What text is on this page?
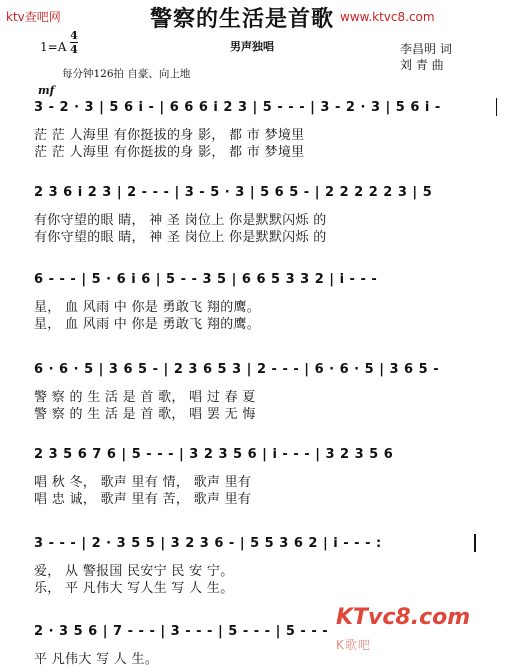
ktv查吧网	www.ktvc8.com
警察的生活是首歌
男声独唱
1=A
4
4
每分钟126拍 自豪、向上地
李昌明 词
刘 青 曲
mf
3 - 2 · 3 | 5 6 i - | 6 6 6 i 2 3 | 5 - - - | 3 - 2 · 3 | 5 6 i -
茫 茫 人海里 有你挺拔的身 影， 都 市 梦境里
茫 茫 人海里 有你挺拔的身 影， 都 市 梦境里
2 3 6 i 2 3 | 2 - - - | 3 - 5 · 3 | 5 6 5 - | 2 2 2 2 2 3 | 5
有你守望的眼 睛， 神 圣 岗位上 你是默默闪烁 的
有你守望的眼 睛， 神 圣 岗位上 你是默默闪烁 的
6 - - - | 5 · 6 i 6 | 5 - - 3 5 | 6 6 5 3 3 2 | i - - -
星， 血 风雨 中 你是 勇敢飞 翔的鹰。
星， 血 风雨 中 你是 勇敢飞 翔的鹰。
6 · 6 · 5 | 3 6 5 - | 2 3 6 5 3 | 2 - - - | 6 · 6 · 5 | 3 6 5 -
警 察 的 生 活 是 首 歌， 唱 过 春 夏
警 察 的 生 活 是 首 歌， 唱 罢 无 悔
2 3 5 6 7 6 | 5 - - - | 3 2 3 5 6 | i - - - | 3 2 3 5 6
唱 秋 冬， 歌声 里有 情， 歌声 里有
唱 忠 诚， 歌声 里有 苦， 歌声 里有
3 - - - | 2 · 3 5 5 | 3 2 3 6 - | 5 5 3 6 2 | i - - - :
爱， 从 警报国 民安宁 民 安 宁。
乐， 平 凡伟大 写人生 写 人 生。
2 · 3 5 6 | 7 - - - | 3 - - - | 5 - - - | 5 - - -
平 凡伟大 写 人 生。
KTvc8.com
K歌吧
